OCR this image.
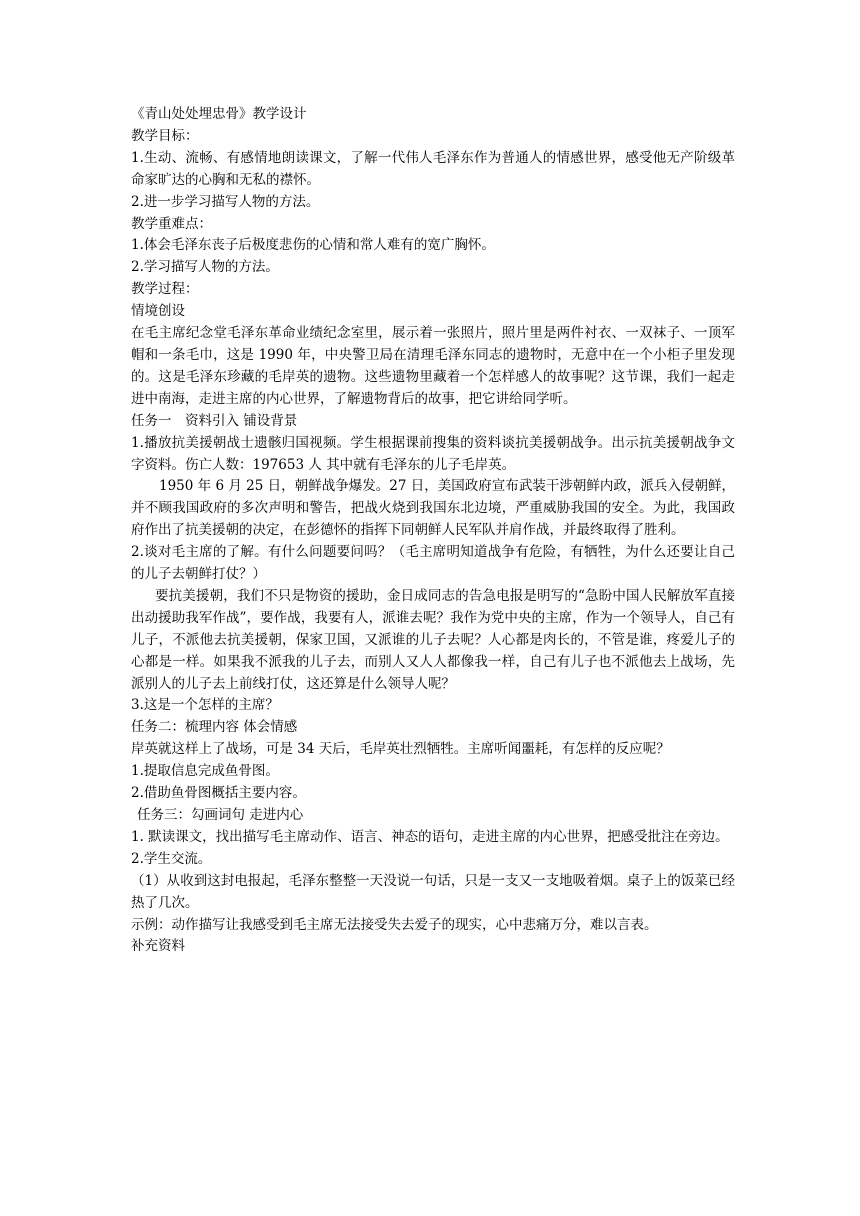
《青山处处埋忠骨》教学设计
教学目标：
1.生动、流畅、有感情地朗读课文，了解一代伟人毛泽东作为普通人的情感世界，感受他无产阶级革命家旷达的心胸和无私的襟怀。
2.进一步学习描写人物的方法。
教学重难点：
1.体会毛泽东丧子后极度悲伤的心情和常人难有的宽广胸怀。
2.学习描写人物的方法。
教学过程：
情境创设
在毛主席纪念堂毛泽东革命业绩纪念室里，展示着一张照片，照片里是两件衬衣、一双袜子、一顶军帽和一条毛巾，这是 1990 年，中央警卫局在清理毛泽东同志的遗物时，无意中在一个小柜子里发现的。这是毛泽东珍藏的毛岸英的遗物。这些遗物里藏着一个怎样感人的故事呢？这节课，我们一起走进中南海，走进主席的内心世界，了解遗物背后的故事，把它讲给同学听。
任务一　资料引入 铺设背景
1.播放抗美援朝战士遗骸归国视频。学生根据课前搜集的资料谈抗美援朝战争。出示抗美援朝战争文字资料。伤亡人数：197653 人 其中就有毛泽东的儿子毛岸英。
1950 年 6 月 25 日，朝鲜战争爆发。27 日，美国政府宣布武装干涉朝鲜内政，派兵入侵朝鲜，并不顾我国政府的多次声明和警告，把战火烧到我国东北边境，严重威胁我国的安全。为此，我国政府作出了抗美援朝的决定，在彭德怀的指挥下同朝鲜人民军队并肩作战，并最终取得了胜利。
2.谈对毛主席的了解。有什么问题要问吗？（毛主席明知道战争有危险，有牺牲，为什么还要让自己的儿子去朝鲜打仗？）
要抗美援朝，我们不只是物资的援助，金日成同志的告急电报是明写的“急盼中国人民解放军直接出动援助我军作战”，要作战，我要有人，派谁去呢？我作为党中央的主席，作为一个领导人，自己有儿子，不派他去抗美援朝，保家卫国，又派谁的儿子去呢？人心都是肉长的，不管是谁，疼爱儿子的心都是一样。如果我不派我的儿子去，而别人又人人都像我一样，自己有儿子也不派他去上战场，先派别人的儿子去上前线打仗，这还算是什么领导人呢？
3.这是一个怎样的主席？
任务二：梳理内容 体会情感
岸英就这样上了战场，可是 34 天后，毛岸英壮烈牺牲。主席听闻噩耗，有怎样的反应呢？
1.提取信息完成鱼骨图。
2.借助鱼骨图概括主要内容。
任务三：勾画词句 走进内心
1. 默读课文，找出描写毛主席动作、语言、神态的语句，走进主席的内心世界，把感受批注在旁边。
2.学生交流。
（1）从收到这封电报起，毛泽东整整一天没说一句话，只是一支又一支地吸着烟。桌子上的饭菜已经热了几次。
示例：动作描写让我感受到毛主席无法接受失去爱子的现实，心中悲痛万分，难以言表。
补充资料
